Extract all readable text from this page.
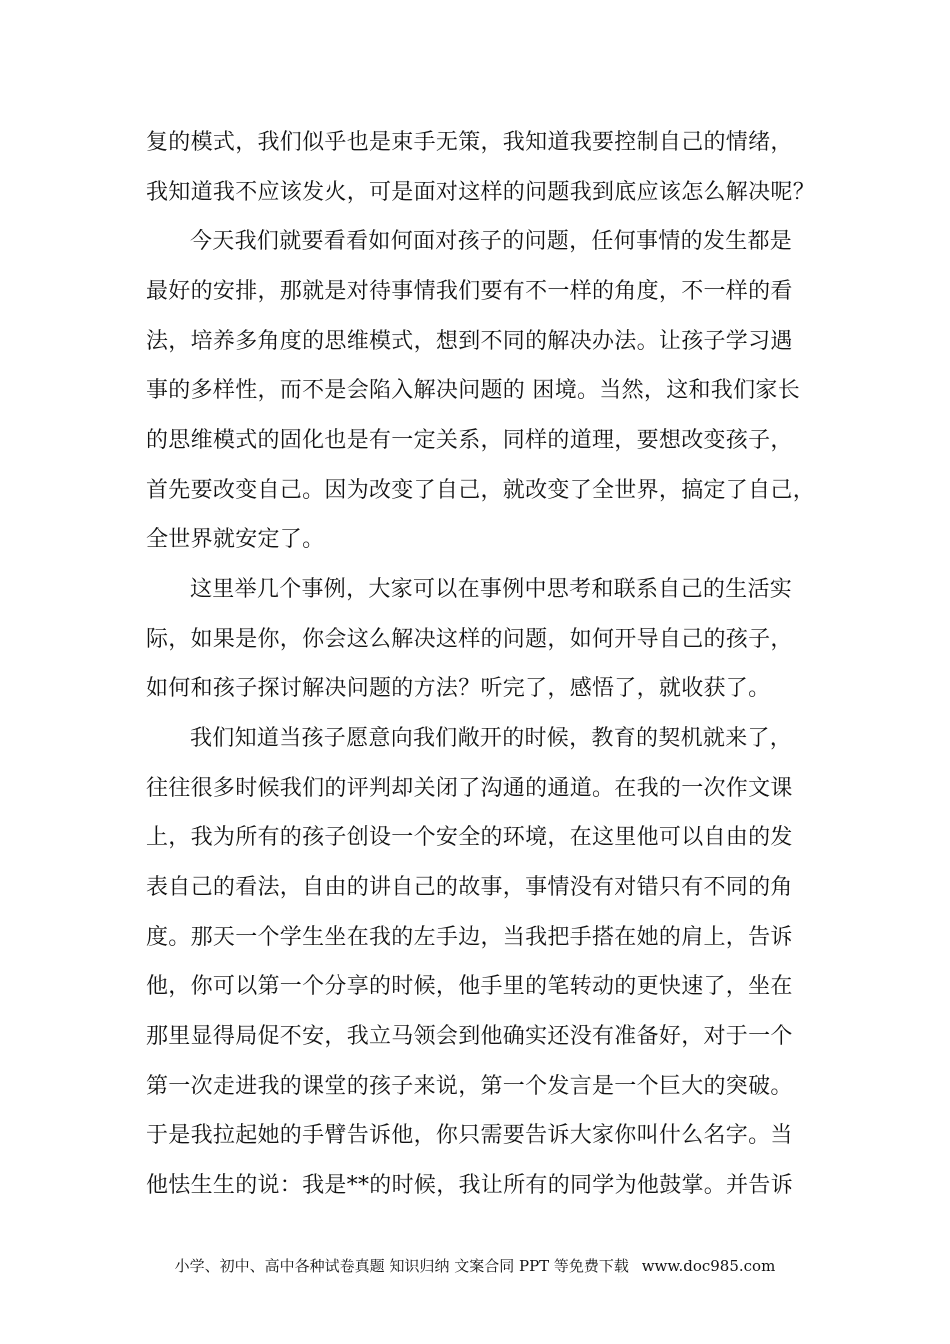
复的模式，我们似乎也是束手无策，我知道我要控制自己的情绪，
我知道我不应该发火，可是面对这样的问题我到底应该怎么解决呢？
今天我们就要看看如何面对孩子的问题，任何事情的发生都是
最好的安排，那就是对待事情我们要有不一样的角度，不一样的看
法，培养多角度的思维模式，想到不同的解决办法。让孩子学习遇
事的多样性，而不是会陷入解决问题的 困境。当然，这和我们家长
的思维模式的固化也是有一定关系，同样的道理，要想改变孩子，
首先要改变自己。因为改变了自己，就改变了全世界，搞定了自己，
全世界就安定了。
这里举几个事例，大家可以在事例中思考和联系自己的生活实
际，如果是你，你会这么解决这样的问题，如何开导自己的孩子，
如何和孩子探讨解决问题的方法？听完了，感悟了，就收获了。
我们知道当孩子愿意向我们敞开的时候，教育的契机就来了，
往往很多时候我们的评判却关闭了沟通的通道。在我的一次作文课
上，我为所有的孩子创设一个安全的环境，在这里他可以自由的发
表自己的看法，自由的讲自己的故事，事情没有对错只有不同的角
度。那天一个学生坐在我的左手边，当我把手搭在她的肩上，告诉
他，你可以第一个分享的时候，他手里的笔转动的更快速了，坐在
那里显得局促不安，我立马领会到他确实还没有准备好，对于一个
第一次走进我的课堂的孩子来说，第一个发言是一个巨大的突破。
于是我拉起她的手臂告诉他，你只需要告诉大家你叫什么名字。当
他怯生生的说：我是**的时候，我让所有的同学为他鼓掌。并告诉
小学、初中、高中各种试卷真题 知识归纳 文案合同 PPT 等免费下载 www.doc985.com
